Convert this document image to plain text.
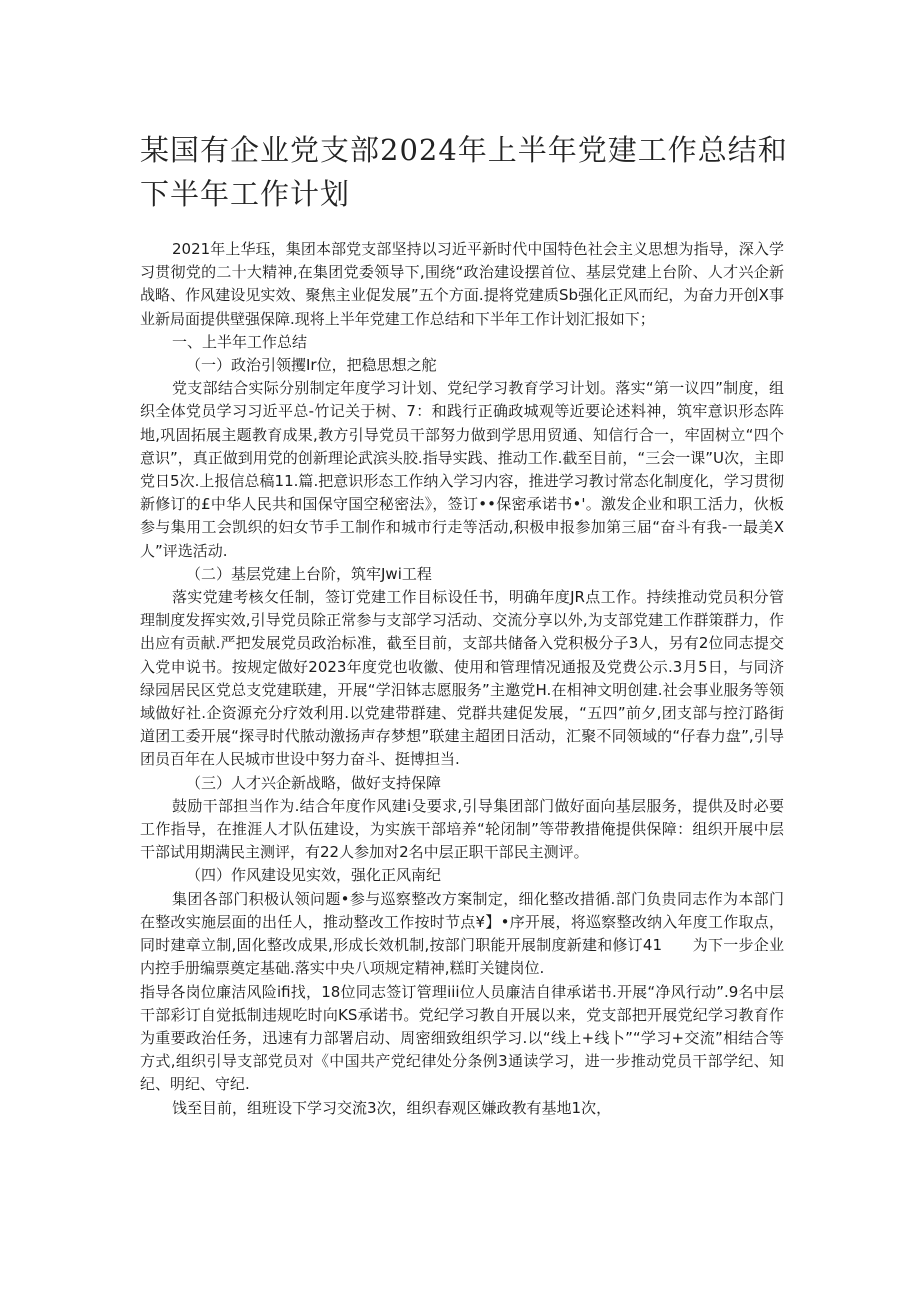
某国有企业党支部2024年上半年党建工作总结和下半年工作计划

2021年上华珏，集团本部党支部坚持以习近平新时代中国特色社会主义思想为指导，深入学习贯彻党的二十大精神,在集团党委领导下,围绕“政治建设摆首位、基层党建上台阶、人才兴企新战略、作风建设见实效、聚焦主业促发展”五个方面.提将党建质Sb强化正风而纪，为奋力开创X事业新局面提供壁强保障.现将上半年党建工作总结和下半年工作计划汇报如下；

一、上半年工作总结

（一）政治引领攫Ir位，把稳思想之舵

党支部结合实际分别制定年度学习计划、党纪学习教育学习计划。落实“第一议四”制度，组织全体党员学习习近平总-竹记关于树、7：和践行正确政城观等近要论述料神，筑牢意识形态阵地,巩固拓展主题教育成果,教方引导党员干部努力做到学思用贸通、知信行合一，牢固树立“四个意识”，真正做到用党的创新理论武滨头胶.指导实践、推动工作.截至目前，“三会一课”U次，主即党日5次.上报信总稿11.篇.把意识形态工作纳入学习内容，推进学习教讨常态化制度化，学习贯彻新修订的£中华人民共和国保守国空秘密法》，签订••保密承诺书•'。激发企业和职工活力，伙板参与集用工会凯织的妇女节手工制作和城市行走等活动,积极申报参加第三届“奋斗有我-一最美X人”评选活动.

（二）基层党建上台阶，筑牢Jwi工程

落实党建考核攵任制，签订党建工作目标设任书，明确年度JR点工作。持续推动党员积分管理制度发挥实效,引导党员除正常参与支部学习活动、交流分享以外,为支部党建工作群策群力，作出应有贡献.严把发展党员政治标准，截至目前，支部共储备入党积极分子3人，另有2位同志提交入党申说书。按规定做好2023年度党也收徽、使用和管理情况通报及党费公示.3月5日，与同济绿园居民区党总支党建联建，开展“学汨钵志愿服务”主邀党H.在相神文明创建.社会事业服务等领域做好社.企资源充分疗效利用.以党建带群建、党群共建促发展，“五四”前夕,团支部与控汀路街道团工委开展“探寻时代脓动激扬声存梦想”联建主超团日活动，汇聚不同领域的“仔春力盘”,引导团员百年在人民城市世设中努力奋斗、挺博担当.

（三）人才兴企新战略，做好支持保障

鼓励干部担当作为.结合年度作风建i殳要求,引导集团部门做好面向基层服务，提供及时必要工作指导，在推涯人才队伍建设，为实族干部培养“轮闭制”等带教措俺提供保障：组织开展中层干部试用期满民主测评，有22人参加对2名中层正职干部民主测评。

（四）作风建设见实效，强化正风南纪

集团各部门积极认领问题•参与巡察整改方案制定，细化整改措循.部门负贵同志作为本部门在整改实施层面的出任人，推动整改工作按时节点¥】•序开展，将巡察整改纳入年度工作取点，同时建章立制,固化整改成果,形成长效机制,按部门职能开展制度新建和修订41　　为下一步企业内控手册编票奠定基础.落实中央八项规定精神,糕盯关键岗位.

指导各岗位廉洁风险ifi找，18位同志签订管理iii位人员廉洁自律承诺书.开展“净风行动”.9名中层干部彩订自觉抵制违规吃时向KS承诺书。党纪学习教自开展以来，党支部把开展党纪学习教育作为重要政治任务，迅速有力部署启动、周密细致组织学习.以“线上+线卜”“学习+交流”相结合等方式,组织引导支部党员对《中国共产党纪律处分条例3通读学习，进一步推动党员干部学纪、知纪、明纪、守纪.

饯至目前，组班设下学习交流3次，组织春观区嫌政教有基地1次，
